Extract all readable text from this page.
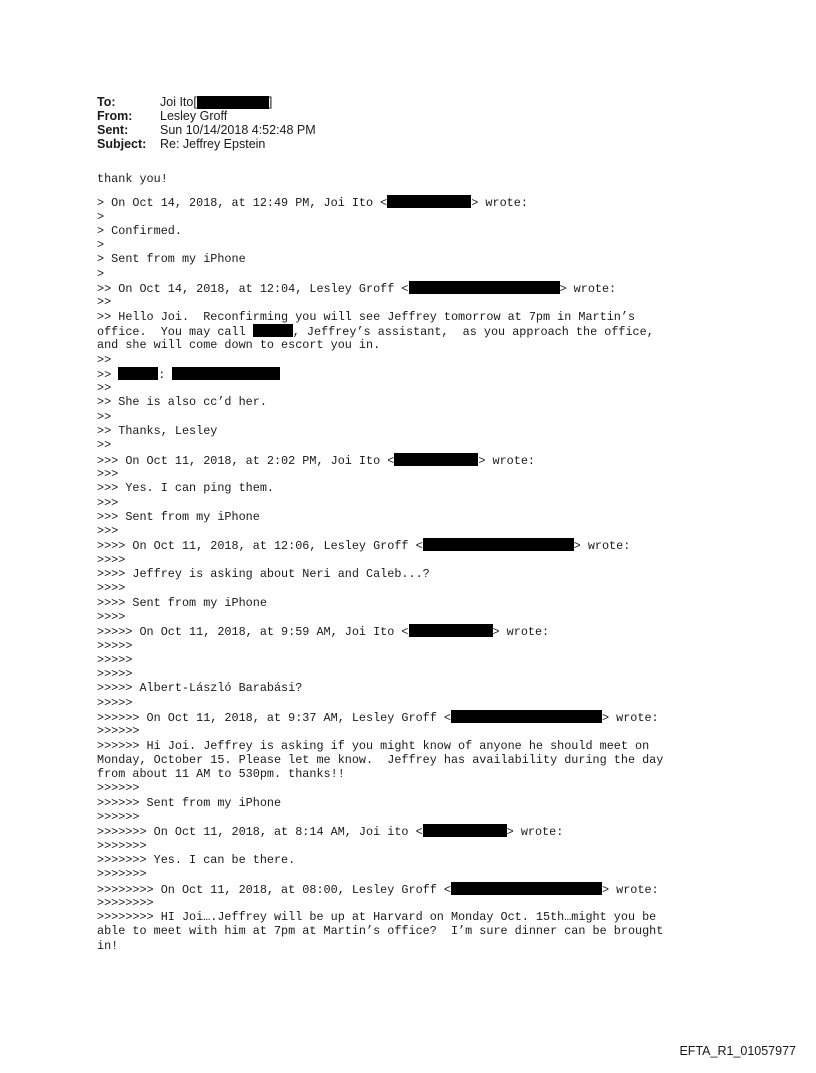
To:	Joi Ito[	]
From:	Lesley Groff
Sent:	Sun 10/14/2018 4:52:48 PM
Subject:	Re: Jeffrey Epstein
thank you!
> On Oct 14, 2018, at 12:49 PM, Joi Ito <	> wrote:
>
> Confirmed.
>
> Sent from my iPhone
>
>> On Oct 14, 2018, at 12:04, Lesley Groff <	> wrote:
>>
>> Hello Joi.  Reconfirming you will see Jeffrey tomorrow at 7pm in Martin’s
office.  You may call	, Jeffrey’s assistant,  as you approach the office,
and she will come down to escort you in.
>>
>>	:
>>
>> She is also cc’d her.
>>
>> Thanks, Lesley
>>
>>> On Oct 11, 2018, at 2:02 PM, Joi Ito <	> wrote:
>>>
>>> Yes. I can ping them.
>>>
>>> Sent from my iPhone
>>>
>>>> On Oct 11, 2018, at 12:06, Lesley Groff <	> wrote:
>>>>
>>>> Jeffrey is asking about Neri and Caleb...?
>>>>
>>>> Sent from my iPhone
>>>>
>>>>> On Oct 11, 2018, at 9:59 AM, Joi Ito <	> wrote:
>>>>>
>>>>>
>>>>>
>>>>> Albert-László Barabási?
>>>>>
>>>>>> On Oct 11, 2018, at 9:37 AM, Lesley Groff <	> wrote:
>>>>>>
>>>>>> Hi Joi. Jeffrey is asking if you might know of anyone he should meet on
Monday, October 15. Please let me know.  Jeffrey has availability during the day
from about 11 AM to 530pm. thanks!!
>>>>>>
>>>>>> Sent from my iPhone
>>>>>>
>>>>>>> On Oct 11, 2018, at 8:14 AM, Joi ito <	> wrote:
>>>>>>>
>>>>>>> Yes. I can be there.
>>>>>>>
>>>>>>>> On Oct 11, 2018, at 08:00, Lesley Groff <	> wrote:
>>>>>>>>
>>>>>>>> HI Joi….Jeffrey will be up at Harvard on Monday Oct. 15th…might you be
able to meet with him at 7pm at Martin’s office?  I’m sure dinner can be brought
in!
EFTA_R1_01057977
